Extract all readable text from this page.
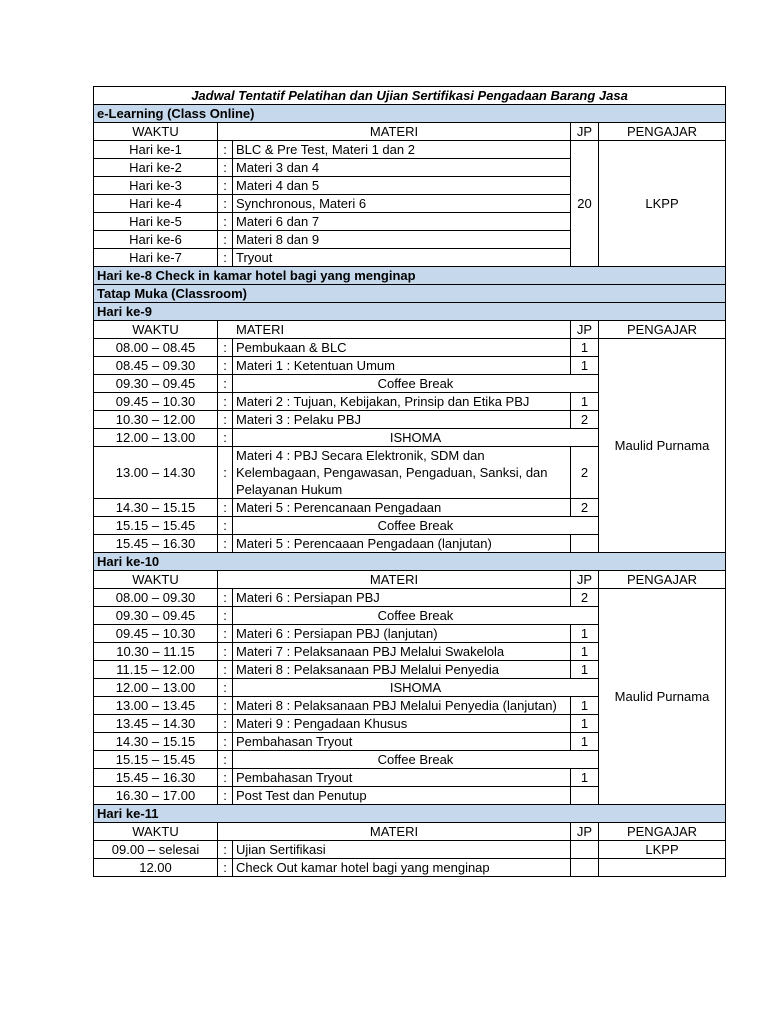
Jadwal Tentatif Pelatihan dan Ujian Sertifikasi Pengadaan Barang Jasa				
e-Learning (Class Online)				
WAKTU	MATERI		JP	PENGAJAR
Hari ke-1	:	BLC & Pre Test, Materi 1 dan 2	20	LKPP
Hari ke-2	:	Materi 3 dan 4		
Hari ke-3	:	Materi 4 dan 5		
Hari ke-4	:	Synchronous, Materi 6		
Hari ke-5	:	Materi 6 dan 7		
Hari ke-6	:	Materi 8 dan 9		
Hari ke-7	:	Tryout		
Hari ke-8 Check in kamar hotel bagi yang menginap				
Tatap Muka (Classroom)				
Hari ke-9				
WAKTU	MATERI		JP	PENGAJAR
08.00 – 08.45	:	Pembukaan & BLC	1	Maulid Purnama
08.45 – 09.30	:	Materi 1 : Ketentuan Umum	1	
09.30 – 09.45	:	Coffee Break		
09.45 – 10.30	:	Materi 2 : Tujuan, Kebijakan, Prinsip dan Etika PBJ	1	
10.30 – 12.00	:	Materi 3 : Pelaku PBJ	2	
12.00 – 13.00	:	ISHOMA		
13.00 – 14.30	:	Materi 4 : PBJ Secara Elektronik, SDM dan Kelembagaan, Pengawasan, Pengaduan, Sanksi, dan Pelayanan Hukum	2	
14.30 – 15.15	:	Materi 5 : Perencanaan Pengadaan	2	
15.15 – 15.45	:	Coffee Break		
15.45 – 16.30	:	Materi 5 : Perencaaan Pengadaan (lanjutan)		
Hari ke-10				
WAKTU	MATERI		JP	PENGAJAR
08.00 – 09.30	:	Materi 6 : Persiapan PBJ	2	Maulid Purnama
09.30 – 09.45	:	Coffee Break		
09.45 – 10.30	:	Materi 6 : Persiapan PBJ (lanjutan)	1	
10.30 – 11.15	:	Materi 7 : Pelaksanaan PBJ Melalui Swakelola	1	
11.15 – 12.00	:	Materi 8 : Pelaksanaan PBJ Melalui Penyedia	1	
12.00 – 13.00	:	ISHOMA		
13.00 – 13.45	:	Materi 8 : Pelaksanaan PBJ Melalui Penyedia (lanjutan)	1	
13.45 – 14.30	:	Materi 9 : Pengadaan Khusus	1	
14.30 – 15.15	:	Pembahasan Tryout	1	
15.15 – 15.45	:	Coffee Break		
15.45 – 16.30	:	Pembahasan Tryout	1	
16.30 – 17.00	:	Post Test dan Penutup		
Hari ke-11				
WAKTU	MATERI		JP	PENGAJAR
09.00 – selesai	:	Ujian Sertifikasi		LKPP
12.00	:	Check Out kamar hotel bagi yang menginap		
